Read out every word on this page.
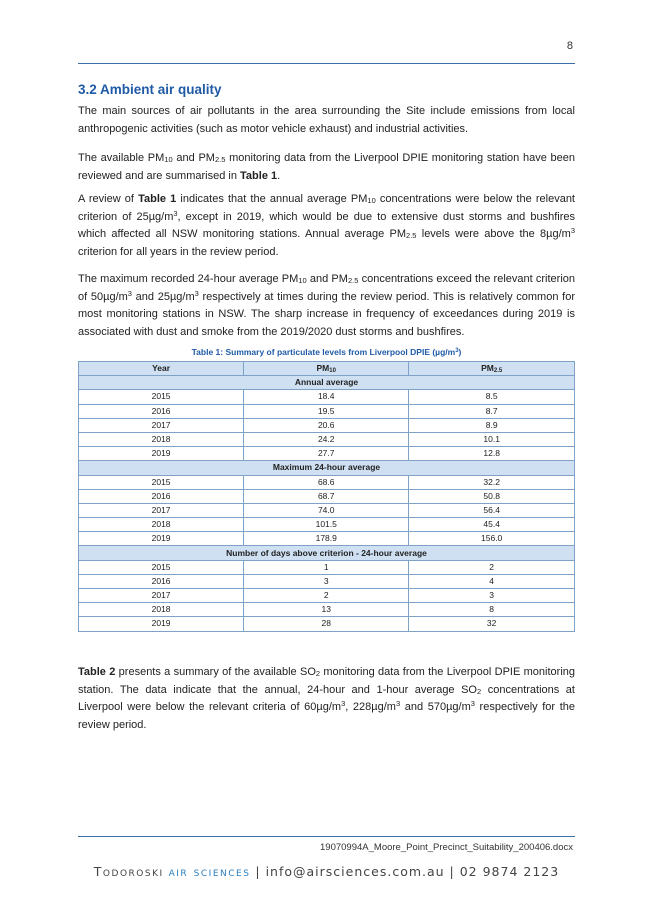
8
3.2 Ambient air quality

The main sources of air pollutants in the area surrounding the Site include emissions from local anthropogenic activities (such as motor vehicle exhaust) and industrial activities.

The available $PM_{10}$ and $PM_{2.5}$ monitoring data from the Liverpool DPIE monitoring station have been reviewed and are summarised in Table 1.

A review of Table 1 indicates that the annual average $PM_{10}$ concentrations were below the relevant criterion of $25\mu g/m^3$, except in 2019, which would be due to extensive dust storms and bushfires which affected all NSW monitoring stations. Annual average $PM_{2.5}$ levels were above the $8\mu g/m^3$ criterion for all years in the review period.

The maximum recorded 24-hour average $PM_{10}$ and $PM_{2.5}$ concentrations exceed the relevant criterion of $50\mu g/m^3$ and $25\mu g/m^3$ respectively at times during the review period. This is relatively common for most monitoring stations in NSW. The sharp increase in frequency of exceedances during 2019 is associated with dust and smoke from the 2019/2020 dust storms and bushfires.

Table 1: Summary of particulate levels from Liverpool DPIE $(\mu g/m^3)$
Year	$PM_{10}$	$PM_{2.5}$
Annual average		
2015	18.4	8.5
2016	19.5	8.7
2017	20.6	8.9
2018	24.2	10.1
2019	27.7	12.8
Maximum 24-hour average		
2015	68.6	32.2
2016	68.7	50.8
2017	74.0	56.4
2018	101.5	45.4
2019	178.9	156.0
Number of days above criterion - 24-hour average		
2015	1	2
2016	3	4
2017	2	3
2018	13	8
2019	28	32

Table 2 presents a summary of the available $SO_2$ monitoring data from the Liverpool DPIE monitoring station. The data indicate that the annual, 24-hour and 1-hour average $SO_2$ concentrations at Liverpool were below the relevant criteria of $60\mu g/m^3$, $228\mu g/m^3$ and $570\mu g/m^3$ respectively for the review period.

19070994A_Moore_Point_Precinct_Suitability_200406.docx
Todoroski air sciences | info@airsciences.com.au | 02 9874 2123
